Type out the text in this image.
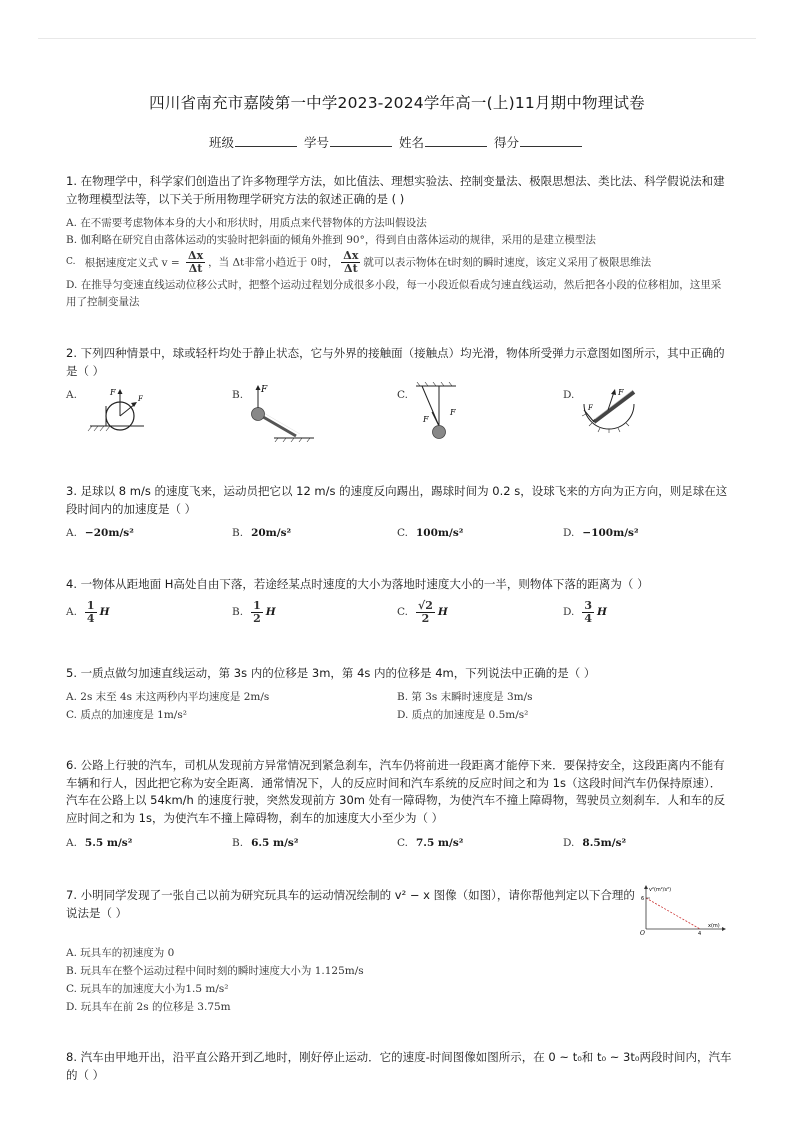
四川省南充市嘉陵第一中学2023-2024学年高一(上)11月期中物理试卷
班级	学号	姓名	得分
1. 在物理学中，科学家们创造出了许多物理学方法，如比值法、理想实验法、控制变量法、极限思想法、类比法、科学假说法和建立物理模型法等，以下关于所用物理学研究方法的叙述正确的是 ( )
A. 在不需要考虑物体本身的大小和形状时，用质点来代替物体的方法叫假设法
B. 伽利略在研究自由落体运动的实验时把斜面的倾角外推到 90°，得到自由落体运动的规律，采用的是建立模型法
C. 根据速度定义式 $v = \frac{\Delta x}{\Delta t}$ ，当 Δt非常小趋近于 0时， $\frac{\Delta x}{\Delta t}$ 就可以表示物体在t时刻的瞬时速度，该定义采用了极限思维法
D. 在推导匀变速直线运动位移公式时，把整个运动过程划分成很多小段，每一小段近似看成匀速直线运动，然后把各小段的位移相加，这里采用了控制变量法
2. 下列四种情景中，球或轻杆均处于静止状态，它与外界的接触面（接触点）均光滑，物体所受弹力示意图如图所示，其中正确的是（ ）
A.	F
F	B. F	C.
F
F
D.	F
F
3. 足球以 8 m/s 的速度飞来，运动员把它以 12 m/s 的速度反向踢出，踢球时间为 0.2 s，设球飞来的方向为正方向，则足球在这段时间内的加速度是（ ）
A. −20m/s²	B. 20m/s²	C. 100m/s²	D. −100m/s²
4. 一物体从距地面 H高处自由下落，若途经某点时速度的大小为落地时速度大小的一半，则物体下落的距离为（ ）
A. $\frac{1}{4}$ H	B. $\frac{1}{2}$ H	C. $\frac{√2}{2}$ H	D. $\frac{3}{4}$ H
5. 一质点做匀加速直线运动，第 3s 内的位移是 3m，第 4s 内的位移是 4m，下列说法中正确的是（ ）
A. 2s 末至 4s 末这两秒内平均速度是 2m/s	B. 第 3s 末瞬时速度是 3m/s
C. 质点的加速度是 1m/s²	D. 质点的加速度是 0.5m/s²
6. 公路上行驶的汽车，司机从发现前方异常情况到紧急刹车，汽车仍将前进一段距离才能停下来．要保持安全，这段距离内不能有车辆和行人，因此把它称为安全距离．通常情况下，人的反应时间和汽车系统的反应时间之和为 1s（这段时间汽车仍保持原速）．汽车在公路上以 54km/h 的速度行驶，突然发现前方 30m 处有一障碍物，为使汽车不撞上障碍物，驾驶员立刻刹车．人和车的反应时间之和为 1s，为使汽车不撞上障碍物，刹车的加速度大小至少为（ ）
A. 5.5 m/s²	B. 6.5 m/s²	C. 7.5 m/s²	D. 8.5m/s²
7. 小明同学发现了一张自己以前为研究玩具车的运动情况绘制的 v² − x 图像（如图），请你帮他判定以下合理的说法是（ ）
v²(m²/s²)
x(m)
6
4
O
A. 玩具车的初速度为 0
B. 玩具车在整个运动过程中间时刻的瞬时速度大小为 1.125m/s
C. 玩具车的加速度大小为1.5 m/s²
D. 玩具车在前 2s 的位移是 3.75m
8. 汽车由甲地开出，沿平直公路开到乙地时，刚好停止运动．它的速度-时间图像如图所示，在 0 ~ t₀和 t₀ ~ 3t₀两段时间内，汽车的（ ）
